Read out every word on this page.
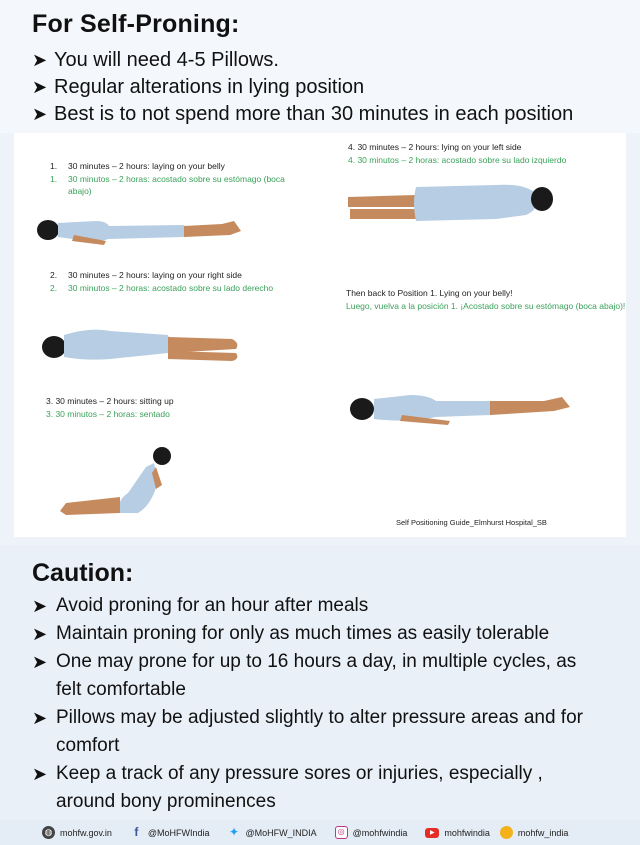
For Self-Proning:
➤ You will need 4-5 Pillows.
➤ Regular alterations in lying position
➤ Best is to not spend more than 30 minutes in each position
1. 30 minutes – 2 hours: laying on your belly
1.	30 minutos – 2 horas: acostado sobre su estómago (boca abajo)
2. 30 minutes – 2 hours: laying on your right side
2.	30 minutos – 2 horas: acostado sobre su lado derecho
3. 30 minutes – 2 hours: sitting up
3. 30 minutos – 2 horas: sentado
4. 30 minutes – 2 hours: lying on your left side
4. 30 minutos – 2 horas: acostado sobre su lado izquierdo
Then back to Position 1. Lying on your belly!
Luego, vuelva a la posición 1. ¡Acostado sobre su estómago (boca abajo)!
Self Positioning Guide_Elmhurst Hospital_SB
Caution:
➤ Avoid proning for an hour after meals
➤ Maintain proning for only as much times as easily tolerable
➤ One may prone for up to 16 hours a day, in multiple cycles, as felt comfortable
➤ Pillows may be adjusted slightly to alter pressure areas and for comfort
➤ Keep a track of any pressure sores or injuries, especially , around bony prominences
◍ mohfw.gov.in	f	@MoHFWIndia ✦ @MoHFW_INDIA	◎ @mohfwindia	▶	mohfwindia	mohfw_india
